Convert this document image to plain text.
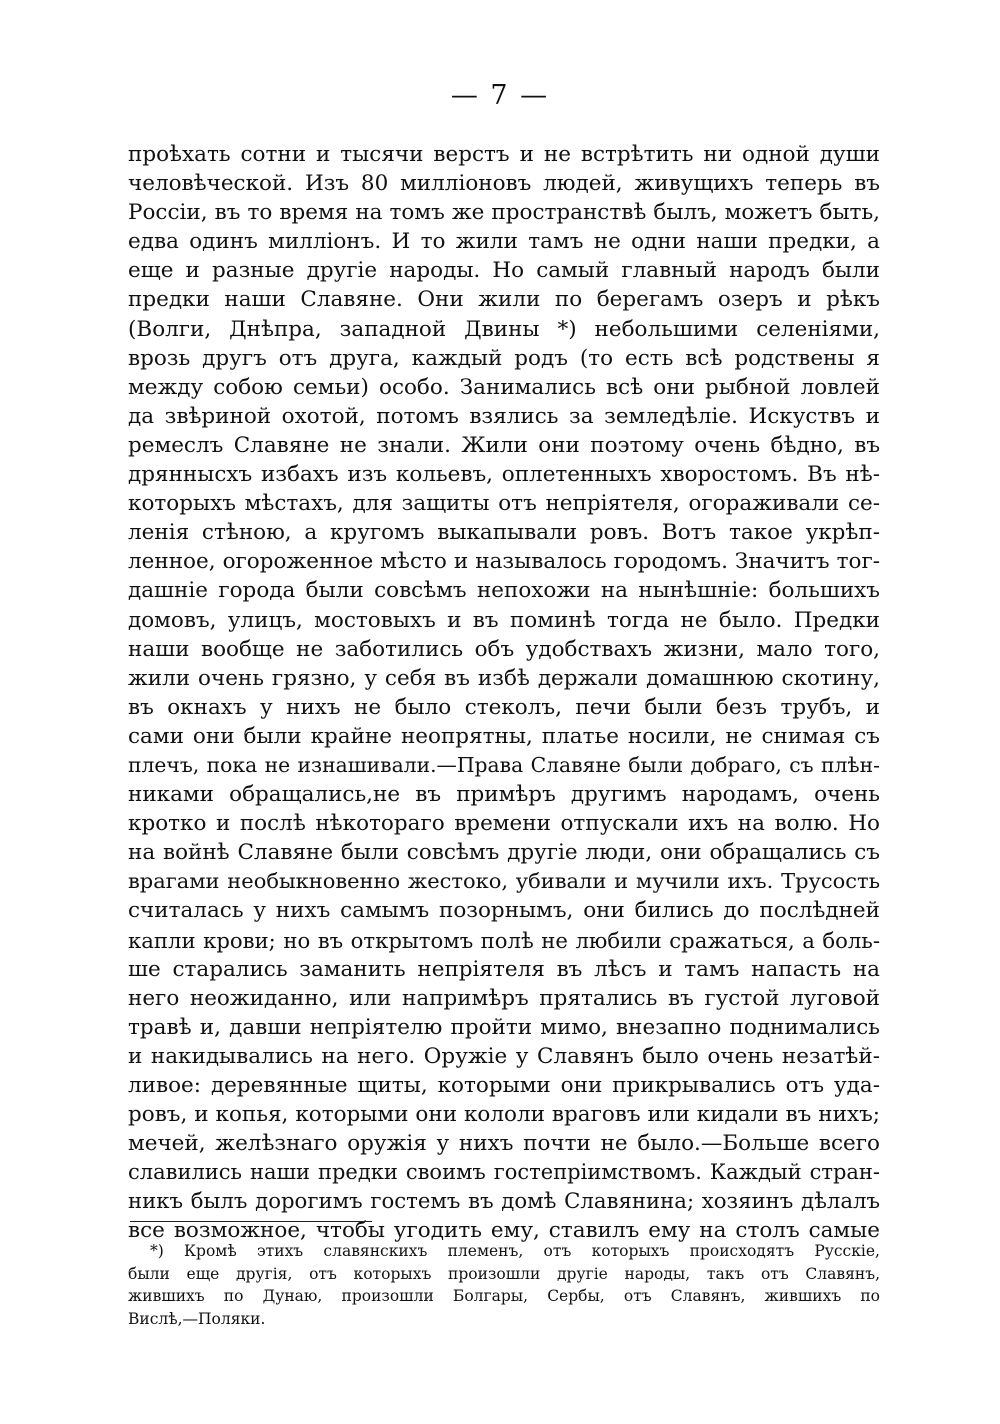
— 7 —
проѣхать сотни и тысячи верстъ и не встрѣтить ни одной души
человѣческой. Изъ 80 милліоновъ людей, живущихъ теперь въ
Россіи, въ то время на томъ же пространствѣ былъ, можетъ быть,
едва одинъ милліонъ. И то жили тамъ не одни наши предки, а
еще и разные другіе народы. Но самый главный народъ были
предки наши Славяне. Они жили по берегамъ озеръ и рѣкъ
(Волги, Днѣпра, западной Двины *) небольшими селеніями,
врозь другъ отъ друга, каждый родъ (то есть всѣ родствены я
между собою семьи) особо. Занимались всѣ они рыбной ловлей
да звѣриной охотой, потомъ взялись за земледѣліе. Искуствъ и
ремеслъ Славяне не знали. Жили они поэтому очень бѣдно, въ
дряннысхъ избахъ изъ кольевъ, оплетенныхъ хворостомъ. Въ нѣ-
которыхъ мѣстахъ, для защиты отъ непріятеля, огораживали се-
ленія стѣною, а кругомъ выкапывали ровъ. Вотъ такое укрѣп-
ленное, огороженное мѣсто и называлось городомъ. Значитъ тог-
дашніе города были совсѣмъ непохожи на нынѣшніе: большихъ
домовъ, улицъ, мостовыхъ и въ поминѣ тогда не было. Предки
наши вообще не заботились объ удобствахъ жизни, мало того,
жили очень грязно, у себя въ избѣ держали домашнюю скотину,
въ окнахъ у нихъ не было стеколъ, печи были безъ трубъ, и
сами они были крайне неопрятны, платье носили, не снимая съ
плечъ, пока не изнашивали.—Права Славяне были добраго, съ плѣн-
никами обращались,не въ примѣръ другимъ народамъ, очень
кротко и послѣ нѣкотораго времени отпускали ихъ на волю. Но
на войнѣ Славяне были совсѣмъ другіе люди, они обращались съ
врагами необыкновенно жестоко, убивали и мучили ихъ. Трусость
считалась у нихъ самымъ позорнымъ, они бились до послѣдней
капли крови; но въ открытомъ полѣ не любили сражаться, а боль-
ше старались заманить непріятеля въ лѣсъ и тамъ напасть на
него неожиданно, или напримѣръ прятались въ густой луговой
травѣ и, давши непріятелю пройти мимо, внезапно поднимались
и накидывались на него. Оружіе у Славянъ было очень незатѣй-
ливое: деревянные щиты, которыми они прикрывались отъ уда-
ровъ, и копья, которыми они кололи враговъ или кидали въ нихъ;
мечей, желѣзнаго оружія у нихъ почти не было.—Больше всего
славились наши предки своимъ гостепріимствомъ. Каждый стран-
никъ былъ дорогимъ гостемъ въ домѣ Славянина; хозяинъ дѣлалъ
все возможное, чтобы угодить ему, ставилъ ему на столъ самые
*) Кромѣ этихъ славянскихъ племенъ, отъ которыхъ происходятъ Русскіе,
были еще другія, отъ которыхъ произошли другіе народы, такъ отъ Славянъ,
жившихъ по Дунаю, произошли Болгары, Сербы, отъ Славянъ, жившихъ по
Вислѣ,—Поляки.
